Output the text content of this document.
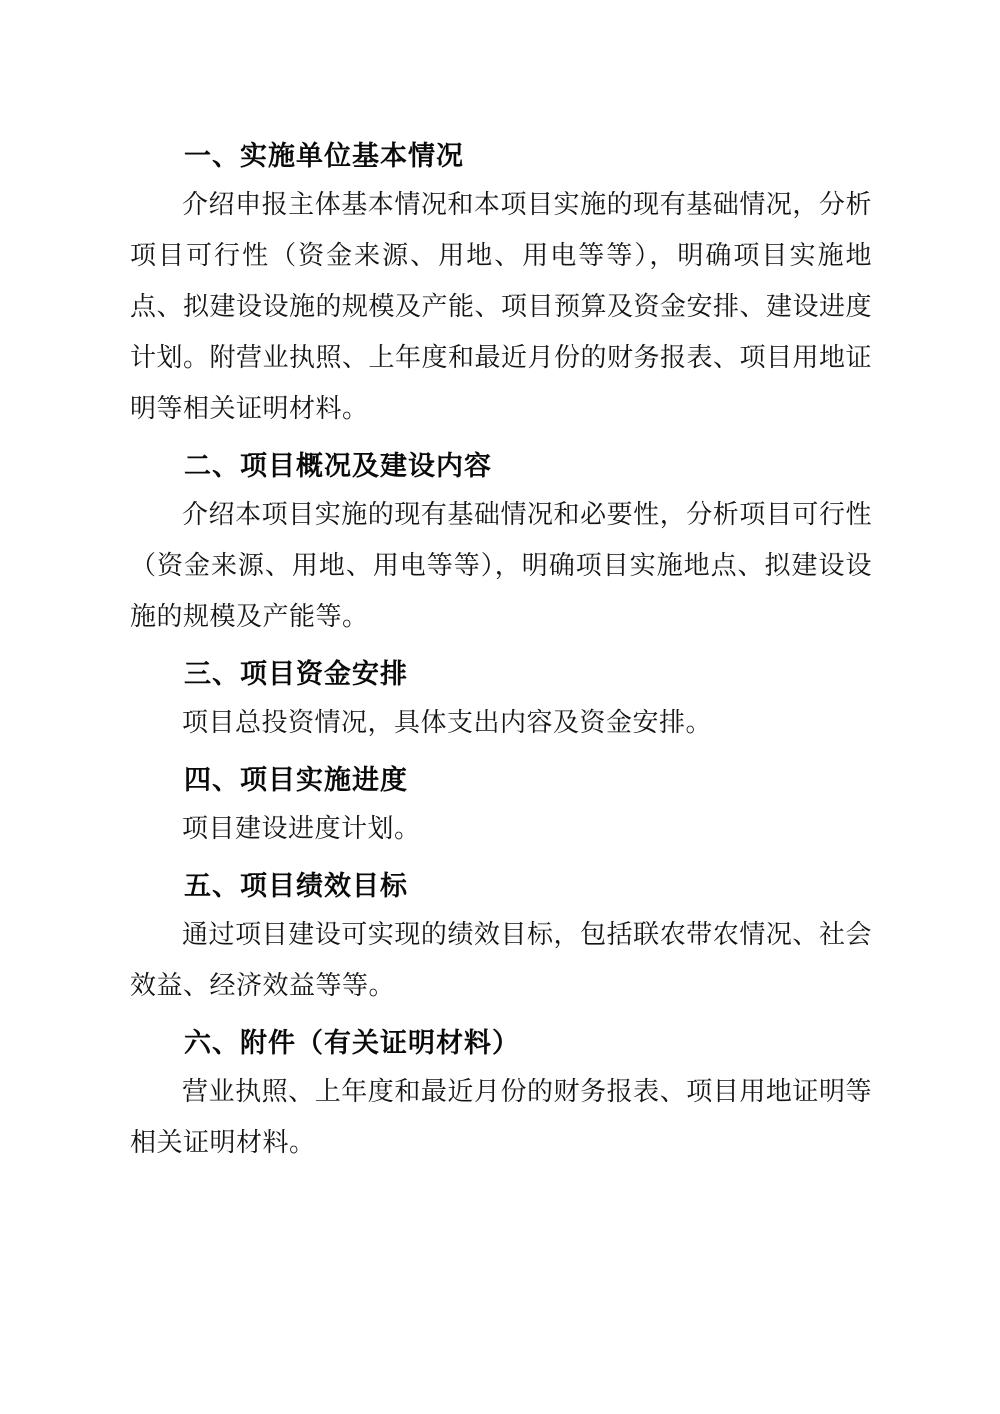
一、实施单位基本情况

介绍申报主体基本情况和本项目实施的现有基础情况，分析项目可行性（资金来源、用地、用电等等），明确项目实施地点、拟建设设施的规模及产能、项目预算及资金安排、建设进度计划。附营业执照、上年度和最近月份的财务报表、项目用地证明等相关证明材料。

二、项目概况及建设内容

介绍本项目实施的现有基础情况和必要性，分析项目可行性（资金来源、用地、用电等等），明确项目实施地点、拟建设设施的规模及产能等。

三、项目资金安排

项目总投资情况，具体支出内容及资金安排。

四、项目实施进度

项目建设进度计划。

五、项目绩效目标

通过项目建设可实现的绩效目标，包括联农带农情况、社会效益、经济效益等等。

六、附件（有关证明材料）

营业执照、上年度和最近月份的财务报表、项目用地证明等相关证明材料。
